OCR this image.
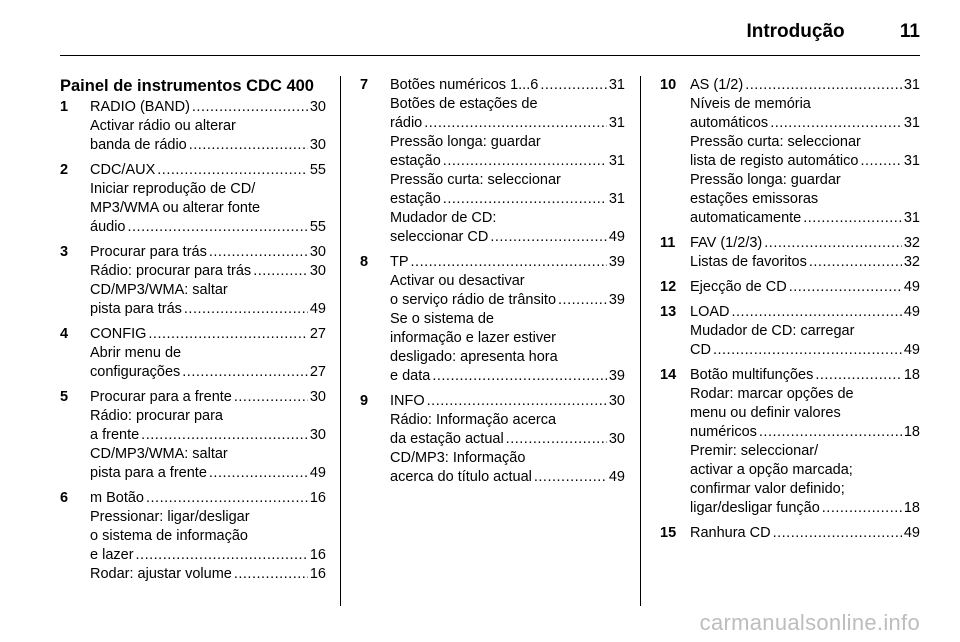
Introdução	11
Painel de instrumentos CDC 400
1 RADIO (BAND) .....	30
Activar rádio ou alterar
banda de rádio .....	30
2 CDC/AUX .....	55
Iniciar reprodução de CD/
MP3/WMA ou alterar fonte
áudio .....	55
3 Procurar para trás .....	30
Rádio: procurar para trás .....	30
CD/MP3/WMA: saltar
pista para trás .....	49
4 CONFIG .....	27
Abrir menu de
configurações .....	27
5 Procurar para a frente .....	30
Rádio: procurar para
a frente .....	30
CD/MP3/WMA: saltar
pista para a frente .....	49
6 m Botão .....	16
Pressionar: ligar/desligar
o sistema de informação
e lazer .....	16
Rodar: ajustar volume .....	16
7 Botões numéricos 1...6 .....	31
Botões de estações de
rádio .....	31
Pressão longa: guardar
estação .....	31
Pressão curta: seleccionar
estação .....	31
Mudador de CD:
seleccionar CD .....	49
8 TP .....	39
Activar ou desactivar
o serviço rádio de trânsito .....	39
Se o sistema de
informação e lazer estiver
desligado: apresenta hora
e data .....	39
9 INFO .....	30
Rádio: Informação acerca
da estação actual .....	30
CD/MP3: Informação
acerca do título actual .....	49
10 AS (1/2) .....	31
Níveis de memória
automáticos .....	31
Pressão curta: seleccionar
lista de registo automático .....	31
Pressão longa: guardar
estações emissoras
automaticamente .....	31
11 FAV (1/2/3) .....	32
Listas de favoritos .....	32
12 Ejecção de CD .....	49
13 LOAD .....	49
Mudador de CD: carregar
CD .....	49
14 Botão multifunções .....	18
Rodar: marcar opções de
menu ou definir valores
numéricos .....	18
Premir: seleccionar/
activar a opção marcada;
confirmar valor definido;
ligar/desligar função .....	18
15 Ranhura CD .....	49
carmanualsonline.info
